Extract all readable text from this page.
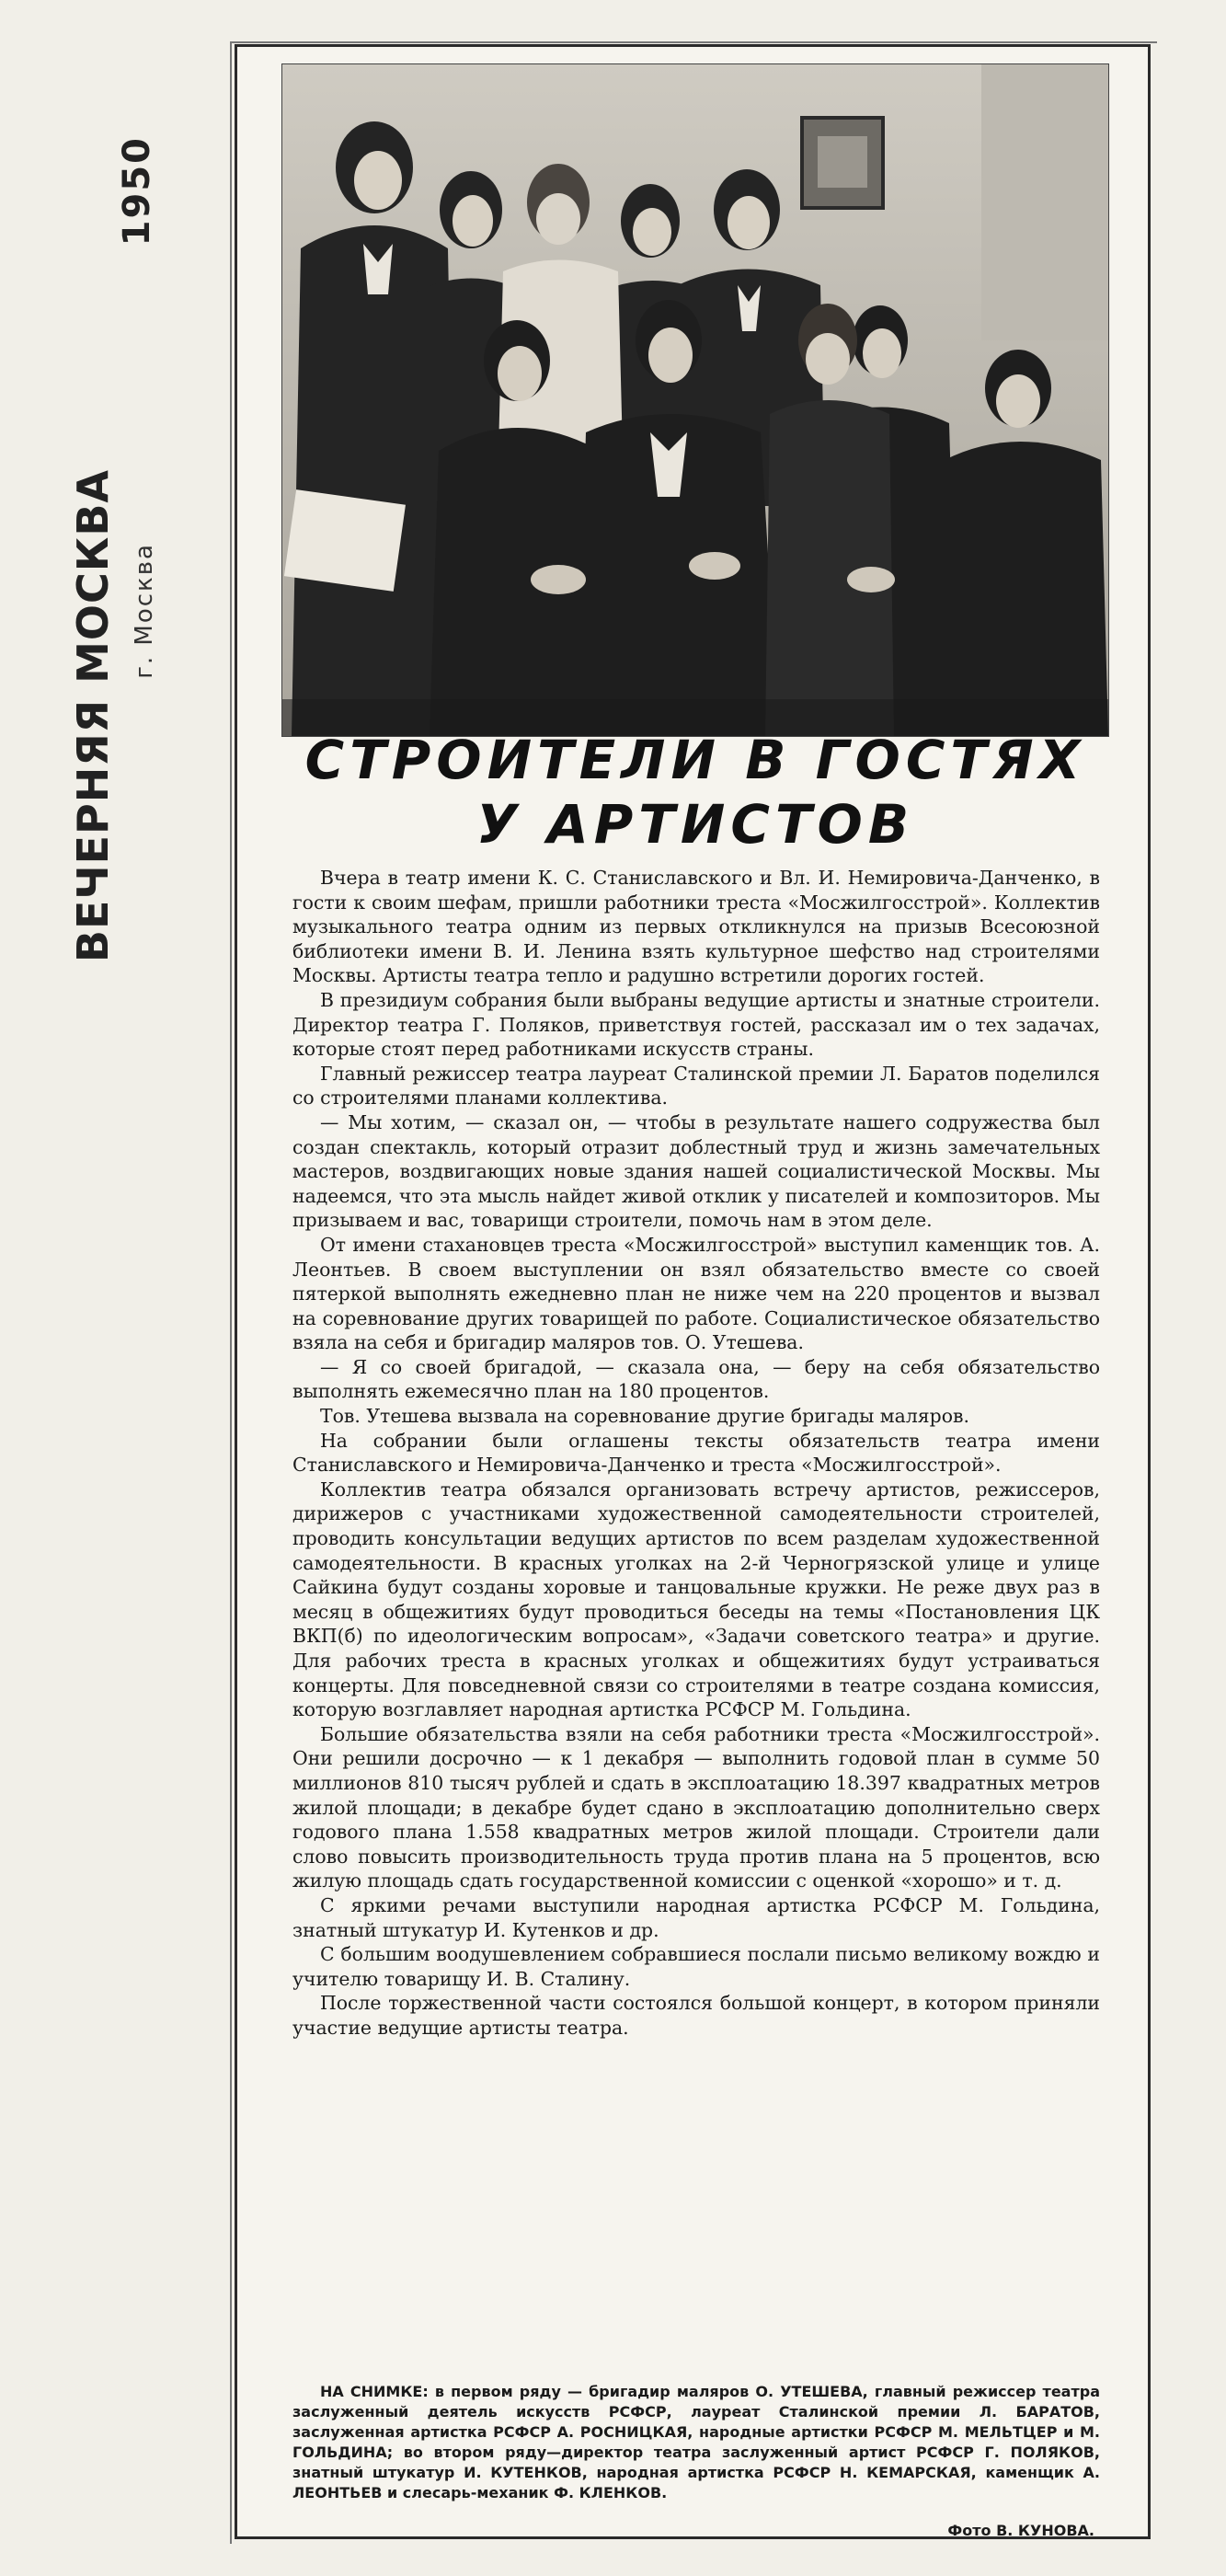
1950
ВЕЧЕРНЯЯ МОСКВА г. Москва
СТРОИТЕЛИ В ГОСТЯХ
У АРТИСТОВ

Вчера в театр имени К. С. Станиславского и Вл. И. Немировича-Данченко, в гости к своим шефам, пришли работники треста «Мосжилгосстрой». Коллектив музыкального театра одним из первых откликнулся на призыв Всесоюзной библиотеки имени В. И. Ленина взять культурное шефство над строителями Москвы. Артисты театра тепло и радушно встретили дорогих гостей.

В президиум собрания были выбраны ведущие артисты и знатные строители. Директор театра Г. Поляков, приветствуя гостей, рассказал им о тех задачах, которые стоят перед работниками искусств страны.

Главный режиссер театра лауреат Сталинской премии Л. Баратов поделился со строителями планами коллектива.

— Мы хотим, — сказал он, — чтобы в результате нашего содружества был создан спектакль, который отразит доблестный труд и жизнь замечательных мастеров, воздвигающих новые здания нашей социалистической Москвы. Мы надеемся, что эта мысль найдет живой отклик у писателей и композиторов. Мы призываем и вас, товарищи строители, помочь нам в этом деле.

От имени стахановцев треста «Мосжилгосстрой» выступил каменщик тов. А. Леонтьев. В своем выступлении он взял обязательство вместе со своей пятеркой выполнять ежедневно план не ниже чем на 220 процентов и вызвал на соревнование других товарищей по работе. Социалистическое обязательство взяла на себя и бригадир маляров тов. О. Утешева.

— Я со своей бригадой, — сказала она, — беру на себя обязательство выполнять ежемесячно план на 180 процентов.

Тов. Утешева вызвала на соревнование другие бригады маляров.

На собрании были оглашены тексты обязательств театра имени Станиславского и Немировича-Данченко и треста «Мосжилгосстрой».

Коллектив театра обязался организовать встречу артистов, режиссеров, дирижеров с участниками художественной самодеятельности строителей, проводить консультации ведущих артистов по всем разделам художественной самодеятельности. В красных уголках на 2-й Черногрязской улице и улице Сайкина будут созданы хоровые и танцовальные кружки. Не реже двух раз в месяц в общежитиях будут проводиться беседы на темы «Постановления ЦК ВКП(б) по идеологическим вопросам», «Задачи советского театра» и другие. Для рабочих треста в красных уголках и общежитиях будут устраиваться концерты. Для повседневной связи со строителями в театре создана комиссия, которую возглавляет народная артистка РСФСР М. Гольдина.

Большие обязательства взяли на себя работники треста «Мосжилгосстрой». Они решили досрочно — к 1 декабря — выполнить годовой план в сумме 50 миллионов 810 тысяч рублей и сдать в эксплоатацию 18.397 квадратных метров жилой площади; в декабре будет сдано в эксплоатацию дополнительно сверх годового плана 1.558 квадратных метров жилой площади. Строители дали слово повысить производительность труда против плана на 5 процентов, всю жилую площадь сдать государственной комиссии с оценкой «хорошо» и т. д.

С яркими речами выступили народная артистка РСФСР М. Гольдина, знатный штукатур И. Кутенков и др.

С большим воодушевлением собравшиеся послали письмо великому вождю и учителю товарищу И. В. Сталину.

После торжественной части состоялся большой концерт, в котором приняли участие ведущие артисты театра.

НА СНИМКЕ: в первом ряду — бригадир маляров О. УТЕШЕВА, главный режиссер театра заслуженный деятель искусств РСФСР, лауреат Сталинской премии Л. БАРАТОВ, заслуженная артистка РСФСР А. РОСНИЦКАЯ, народные артистки РСФСР М. МЕЛЬТЦЕР и М. ГОЛЬДИНА; во втором ряду—директор театра заслуженный артист РСФСР Г. ПОЛЯКОВ, знатный штукатур И. КУТЕНКОВ, народная артистка РСФСР Н. КЕМАРСКАЯ, каменщик А. ЛЕОНТЬЕВ и слесарь-механик Ф. КЛЕНКОВ.
Фото В. КУНОВА.
